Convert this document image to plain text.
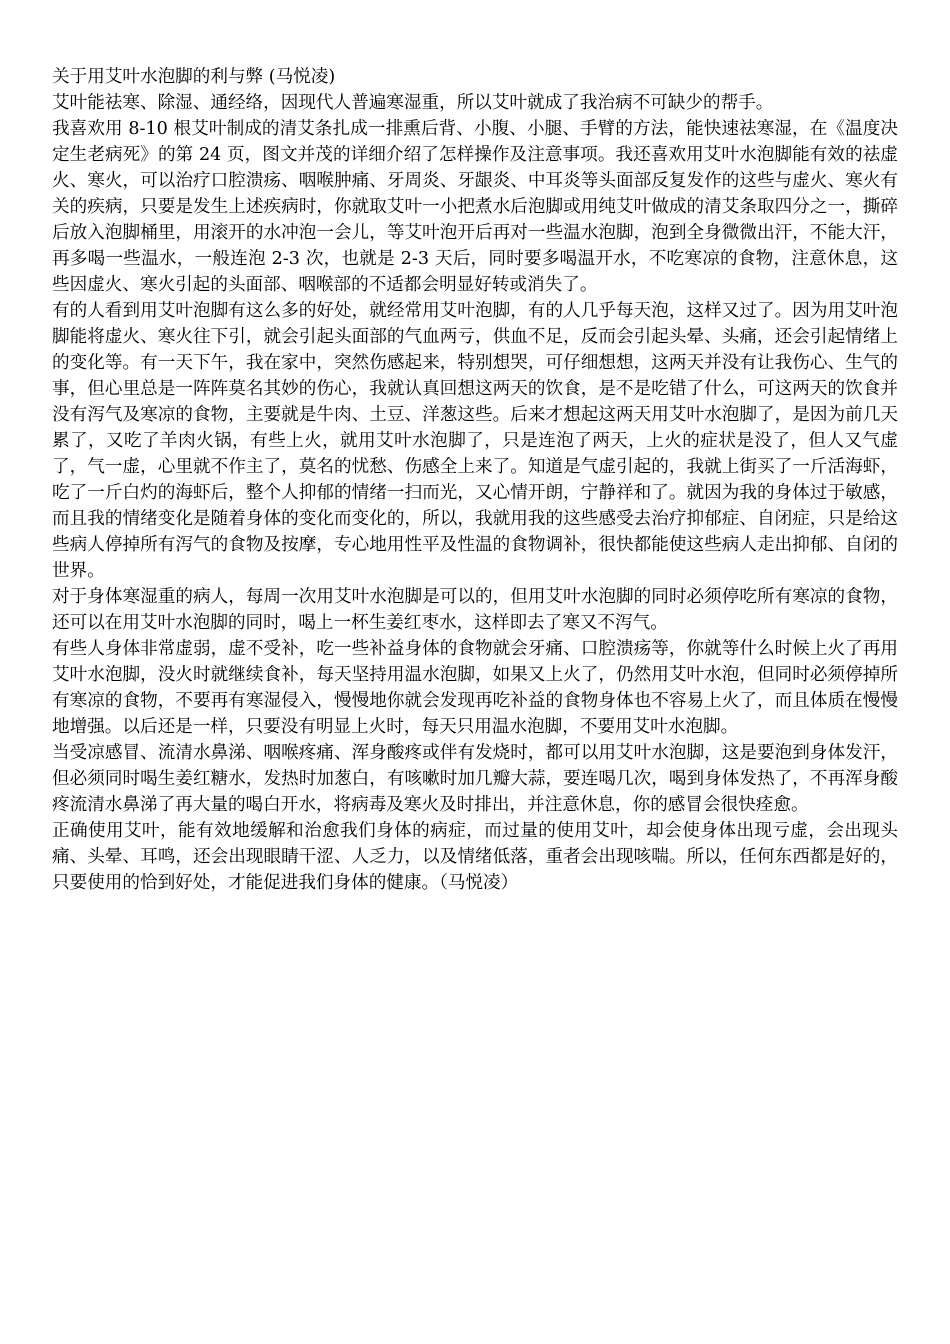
关于用艾叶水泡脚的利与弊 (马悦凌)

艾叶能祛寒、除湿、通经络，因现代人普遍寒湿重，所以艾叶就成了我治病不可缺少的帮手。

我喜欢用 8-10 根艾叶制成的清艾条扎成一排熏后背、小腹、小腿、手臂的方法，能快速祛寒湿，在《温度决定生老病死》的第 24 页，图文并茂的详细介绍了怎样操作及注意事项。我还喜欢用艾叶水泡脚能有效的祛虚火、寒火，可以治疗口腔溃疡、咽喉肿痛、牙周炎、牙龈炎、中耳炎等头面部反复发作的这些与虚火、寒火有关的疾病，只要是发生上述疾病时，你就取艾叶一小把煮水后泡脚或用纯艾叶做成的清艾条取四分之一，撕碎后放入泡脚桶里，用滚开的水冲泡一会儿，等艾叶泡开后再对一些温水泡脚，泡到全身微微出汗，不能大汗，再多喝一些温水，一般连泡 2-3 次，也就是 2-3 天后，同时要多喝温开水，不吃寒凉的食物，注意休息，这些因虚火、寒火引起的头面部、咽喉部的不适都会明显好转或消失了。

有的人看到用艾叶泡脚有这么多的好处，就经常用艾叶泡脚，有的人几乎每天泡，这样又过了。因为用艾叶泡脚能将虚火、寒火往下引，就会引起头面部的气血两亏，供血不足，反而会引起头晕、头痛，还会引起情绪上的变化等。有一天下午，我在家中，突然伤感起来，特别想哭，可仔细想想，这两天并没有让我伤心、生气的事，但心里总是一阵阵莫名其妙的伤心，我就认真回想这两天的饮食，是不是吃错了什么，可这两天的饮食并没有泻气及寒凉的食物，主要就是牛肉、土豆、洋葱这些。后来才想起这两天用艾叶水泡脚了，是因为前几天累了，又吃了羊肉火锅，有些上火，就用艾叶水泡脚了，只是连泡了两天，上火的症状是没了，但人又气虚了，气一虚，心里就不作主了，莫名的忧愁、伤感全上来了。知道是气虚引起的，我就上街买了一斤活海虾，吃了一斤白灼的海虾后，整个人抑郁的情绪一扫而光，又心情开朗，宁静祥和了。就因为我的身体过于敏感，而且我的情绪变化是随着身体的变化而变化的，所以，我就用我的这些感受去治疗抑郁症、自闭症，只是给这些病人停掉所有泻气的食物及按摩，专心地用性平及性温的食物调补，很快都能使这些病人走出抑郁、自闭的世界。

对于身体寒湿重的病人，每周一次用艾叶水泡脚是可以的，但用艾叶水泡脚的同时必须停吃所有寒凉的食物，还可以在用艾叶水泡脚的同时，喝上一杯生姜红枣水，这样即去了寒又不泻气。

有些人身体非常虚弱，虚不受补，吃一些补益身体的食物就会牙痛、口腔溃疡等，你就等什么时候上火了再用艾叶水泡脚，没火时就继续食补，每天坚持用温水泡脚，如果又上火了，仍然用艾叶水泡，但同时必须停掉所有寒凉的食物，不要再有寒湿侵入，慢慢地你就会发现再吃补益的食物身体也不容易上火了，而且体质在慢慢地增强。以后还是一样，只要没有明显上火时，每天只用温水泡脚，不要用艾叶水泡脚。

当受凉感冒、流清水鼻涕、咽喉疼痛、浑身酸疼或伴有发烧时，都可以用艾叶水泡脚，这是要泡到身体发汗，但必须同时喝生姜红糖水，发热时加葱白，有咳嗽时加几瓣大蒜，要连喝几次，喝到身体发热了，不再浑身酸疼流清水鼻涕了再大量的喝白开水，将病毒及寒火及时排出，并注意休息，你的感冒会很快痊愈。

正确使用艾叶，能有效地缓解和治愈我们身体的病症，而过量的使用艾叶，却会使身体出现亏虚，会出现头痛、头晕、耳鸣，还会出现眼睛干涩、人乏力，以及情绪低落，重者会出现咳喘。所以，任何东西都是好的，只要使用的恰到好处，才能促进我们身体的健康。（马悦凌）
